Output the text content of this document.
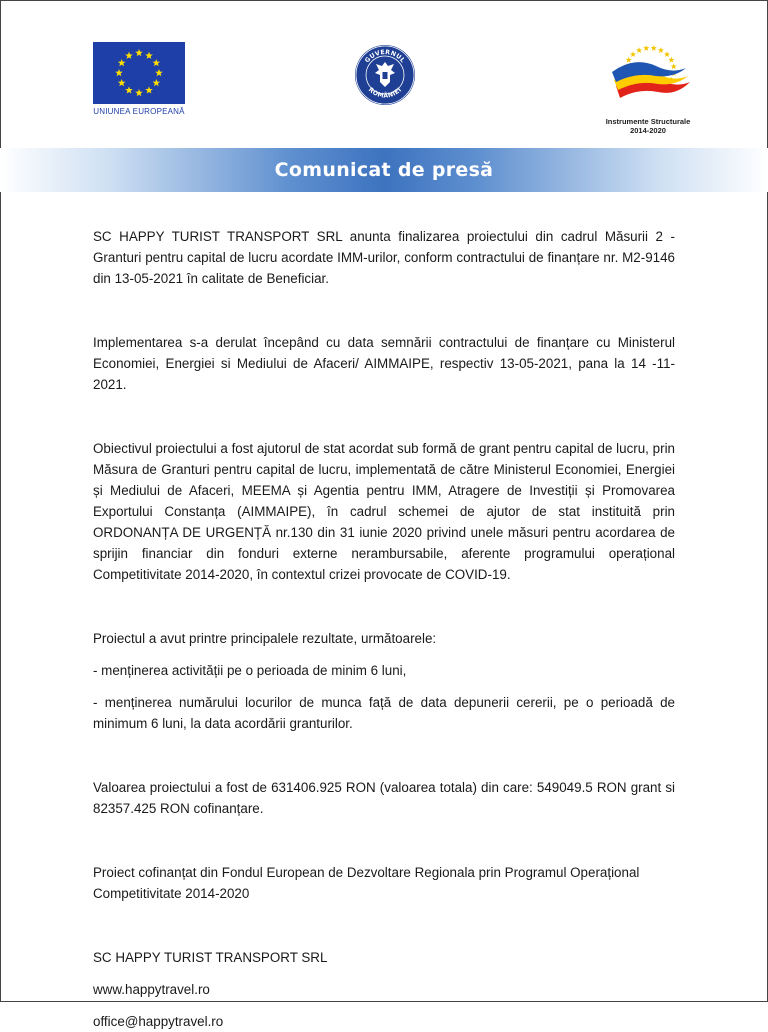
UNIUNEA EUROPEANĂ
GUVERNUL
ROMÂNIEI
Instrumente Structurale
2014-2020
Comunicat de presă

SC HAPPY TURIST TRANSPORT SRL anunta finalizarea proiectului din cadrul Măsurii 2 - Granturi pentru capital de lucru acordate IMM-urilor, conform contractului de finanțare nr. M2-9146 din 13-05-2021 în calitate de Beneficiar.

Implementarea s-a derulat începând cu data semnării contractului de finanțare cu Ministerul Economiei, Energiei si Mediului de Afaceri/ AIMMAIPE, respectiv 13-05-2021, pana la 14 -11-2021.

Obiectivul proiectului a fost ajutorul de stat acordat sub formă de grant pentru capital de lucru, prin Măsura de Granturi pentru capital de lucru, implementată de către Ministerul Economiei, Energiei și Mediului de Afaceri, MEEMA și Agentia pentru IMM, Atragere de Investiții și Promovarea Exportului Constanța (AIMMAIPE), în cadrul schemei de ajutor de stat instituită prin ORDONANȚA DE URGENȚĂ nr.130 din 31 iunie 2020 privind unele măsuri pentru acordarea de sprijin financiar din fonduri externe nerambursabile, aferente programului operațional Competitivitate 2014-2020, în contextul crizei provocate de COVID-19.

Proiectul a avut printre principalele rezultate, următoarele:

- menținerea activității pe o perioada de minim 6 luni,

- menținerea numărului locurilor de munca față de data depunerii cererii, pe o perioadă de minimum 6 luni, la data acordării granturilor.

Valoarea proiectului a fost de 631406.925 RON (valoarea totala) din care: 549049.5 RON grant si 82357.425 RON cofinanțare.

Proiect cofinanțat din Fondul European de Dezvoltare Regionala prin Programul Operațional Competitivitate 2014-2020

SC HAPPY TURIST TRANSPORT SRL

www.happytravel.ro

office@happytravel.ro
